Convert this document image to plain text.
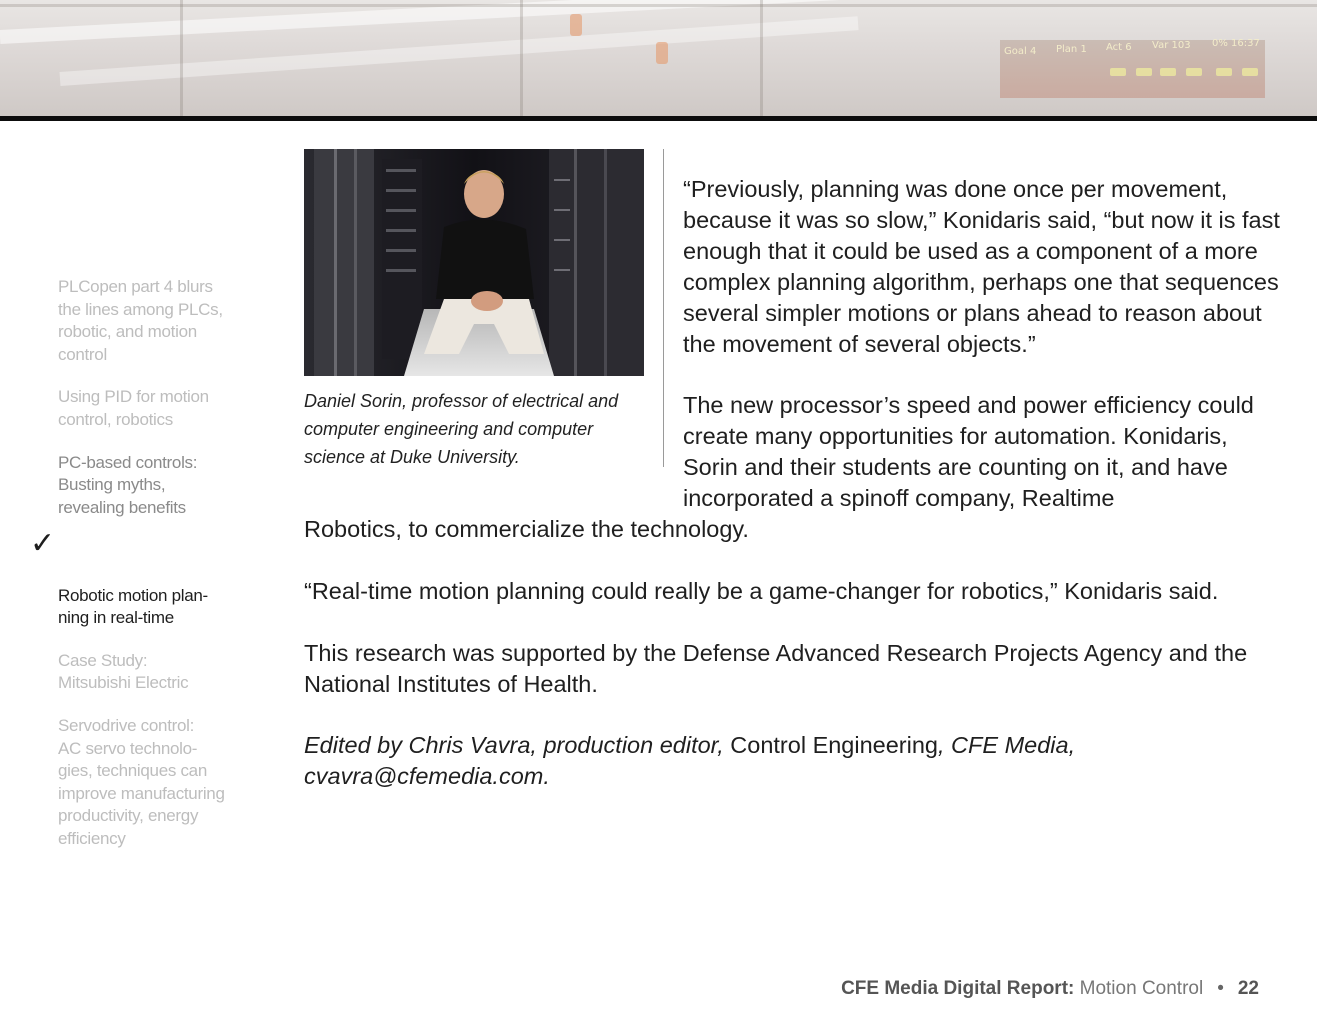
Goal 4 Plan 1 Act 6 Var 103 0% 16:37
PLCopen part 4 blurs
the lines among PLCs,
robotic, and motion
control
Using PID for motion
control, robotics
PC-based controls:
Busting myths,
revealing benefits

✓

Robotic motion plan-
ning in real-time

Case Study:
Mitsubishi Electric
Servodrive control:
AC servo technolo-
gies, techniques can
improve manufacturing
productivity, energy
efficiency
Daniel Sorin, professor of electrical and computer engineering and computer science at Duke University.

“Previously, planning was done once per movement, because it was so slow,” Konidaris said, “but now it is fast enough that it could be used as a component of a more complex planning algorithm, perhaps one that sequences several simpler motions or plans ahead to reason about the movement of several objects.”

The new processor’s speed and power efficiency could create many opportunities for automation. Konidaris, Sorin and their students are counting on it, and have incorporated a spinoff company, Realtime

Robotics, to commercialize the technology.

“Real-time motion planning could really be a game-changer for robotics,” Konidaris said.

This research was supported by the Defense Advanced Research Projects Agency and the National Institutes of Health.

Edited by Chris Vavra, production editor, Control Engineering, CFE Media, cvavra@cfemedia.com.

CFE Media Digital Report: Motion Control • 22
